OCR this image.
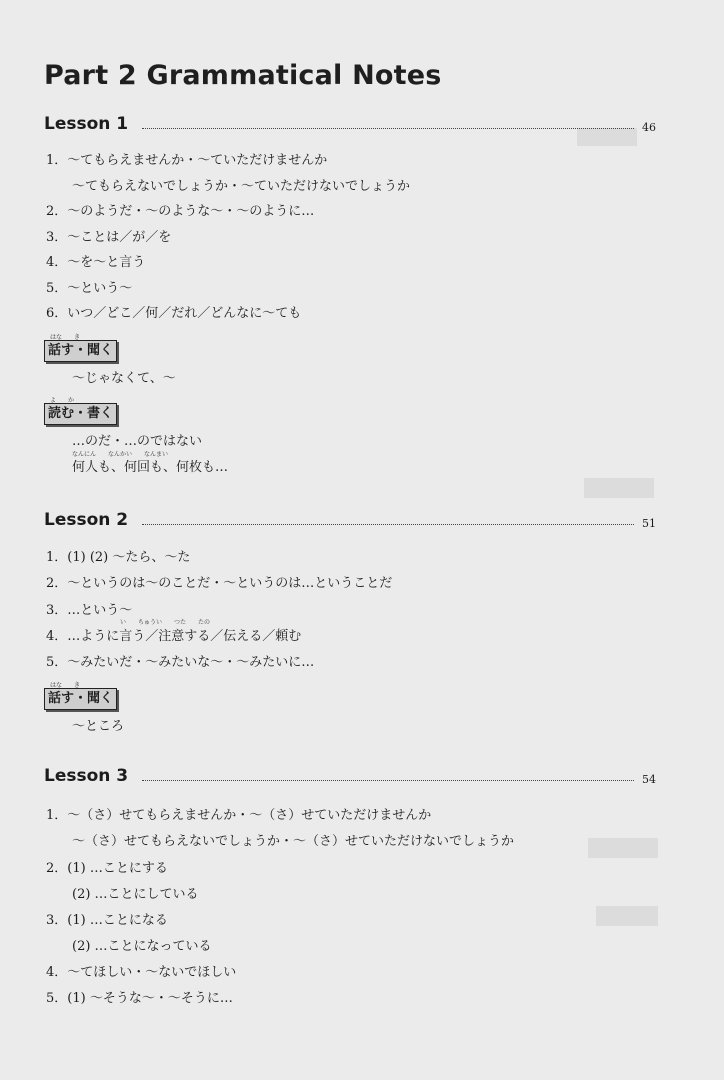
Part 2 Grammatical Notes
Lesson 1	46
1．～てもらえませんか・～ていただけませんか
～てもらえないでしょうか・～ていただけないでしょうか
2．～のようだ・～のような～・～のように…
3．～ことは／が／を
4．～を～と言う
5．～という～
6．いつ／どこ／何／だれ／どんなに～ても
話す・聞く
はな　　き
～じゃなくて、～
読む・書く
よ　　か
…のだ・…のではない
なんにん　　なんかい　　なんまい
何人も、何回も、何枚も…
Lesson 2	51
1．(1) (2) ～たら、～た
2．～というのは～のことだ・～というのは…ということだ
3．…という～
い　　ちゅうい　　つた　　たの
4．…ように言う／注意する／伝える／頼む
5．～みたいだ・～みたいな～・～みたいに…
話す・聞く
はな　　き
～ところ
Lesson 3	54
1．～（さ）せてもらえませんか・～（さ）せていただけませんか
～（さ）せてもらえないでしょうか・～（さ）せていただけないでしょうか
2．(1) …ことにする
(2) …ことにしている
3．(1) …ことになる
(2) …ことになっている
4．～てほしい・～ないでほしい
5．(1) ～そうな～・～そうに…
